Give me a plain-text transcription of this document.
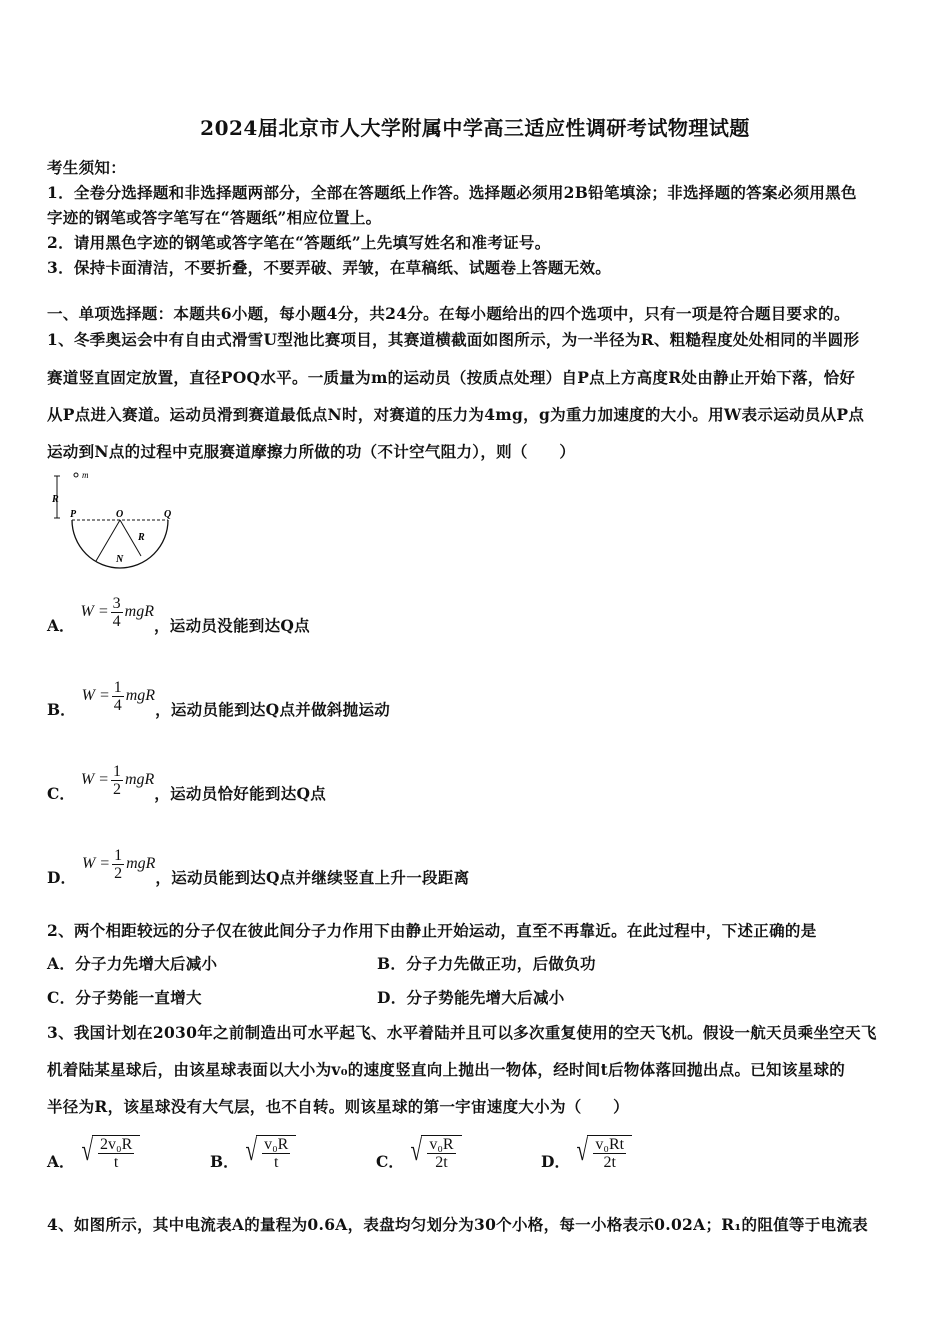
2024届北京市人大学附属中学高三适应性调研考试物理试题
考生须知：
1．全卷分选择题和非选择题两部分，全部在答题纸上作答。选择题必须用2B铅笔填涂；非选择题的答案必须用黑色
字迹的钢笔或答字笔写在“答题纸”相应位置上。
2．请用黑色字迹的钢笔或答字笔在“答题纸”上先填写姓名和准考证号。
3．保持卡面清洁，不要折叠，不要弄破、弄皱，在草稿纸、试题卷上答题无效。
一、单项选择题：本题共6小题，每小题4分，共24分。在每小题给出的四个选项中，只有一项是符合题目要求的。
1、冬季奥运会中有自由式滑雪U型池比赛项目，其赛道横截面如图所示，为一半径为R、粗糙程度处处相同的半圆形
赛道竖直固定放置，直径POQ水平。一质量为m的运动员（按质点处理）自P点上方高度R处由静止开始下落，恰好
从P点进入赛道。运动员滑到赛道最低点N时，对赛道的压力为4mg，g为重力加速度的大小。用W表示运动员从P点
运动到N点的过程中克服赛道摩擦力所做的功（不计空气阻力），则（　　）
m
R
P	O	Q
R
N
A．
$W = \frac{3}{4}$ mgR
，运动员没能到达Q点
B．
$W = \frac{1}{4}$ mgR
，运动员能到达Q点并做斜抛运动
C．
$W = \frac{1}{2}$ mgR
，运动员恰好能到达Q点
D．
$W = \frac{1}{2}$ mgR
，运动员能到达Q点并继续竖直上升一段距离
2、两个相距较远的分子仅在彼此间分子力作用下由静止开始运动，直至不再靠近。在此过程中，下述正确的是
A．分子力先增大后减小	B．分子力先做正功，后做负功
C．分子势能一直增大	D．分子势能先增大后减小
3、我国计划在2030年之前制造出可水平起飞、水平着陆并且可以多次重复使用的空天飞机。假设一航天员乘坐空天飞
机着陆某星球后，由该星球表面以大小为v₀的速度竖直向上抛出一物体，经时间t后物体落回抛出点。已知该星球的
半径为R，该星球没有大气层，也不自转。则该星球的第一宇宙速度大小为（　　）
A． √ $\frac{\text{2v₀R}}{t}$	B． √ $\frac{\text{v₀R}}{t}$	C． √ $\frac{\text{v₀R}}{2t}$	D． √ $\frac{\text{v₀Rt}}{2t}$
4、如图所示，其中电流表A的量程为0.6A，表盘均匀划分为30个小格，每一小格表示0.02A；R₁的阻值等于电流表
